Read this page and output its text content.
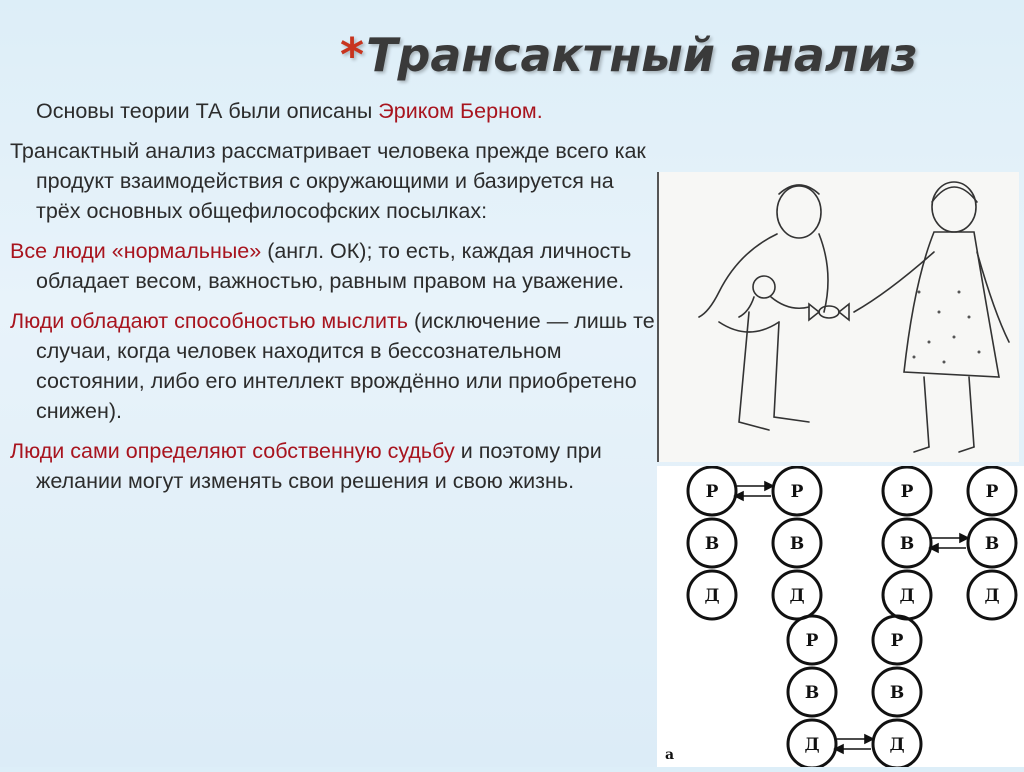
*Трансактный анализ

Основы теории ТА были описаны Эриком Берном.

Трансактный анализ рассматривает человека прежде всего как продукт взаимодействия с окружающими и базируется на трёх основных общефилософских посылках:

Все люди «нормальные» (англ. ОК); то есть, каждая личность обладает весом, важностью, равным правом на уважение.

Люди обладают способностью мыслить (исключение — лишь те случаи, когда человек находится в бессознательном состоянии, либо его интеллект врождённо или приобретено снижен).

Люди сами определяют собственную судьбу и поэтому при желании могут изменять свои решения и свою жизнь.	Р
В
Д
Р
В
Д
Р
В
Д
Р
В
Д
Р
В
Д
Р
В
Д
а
